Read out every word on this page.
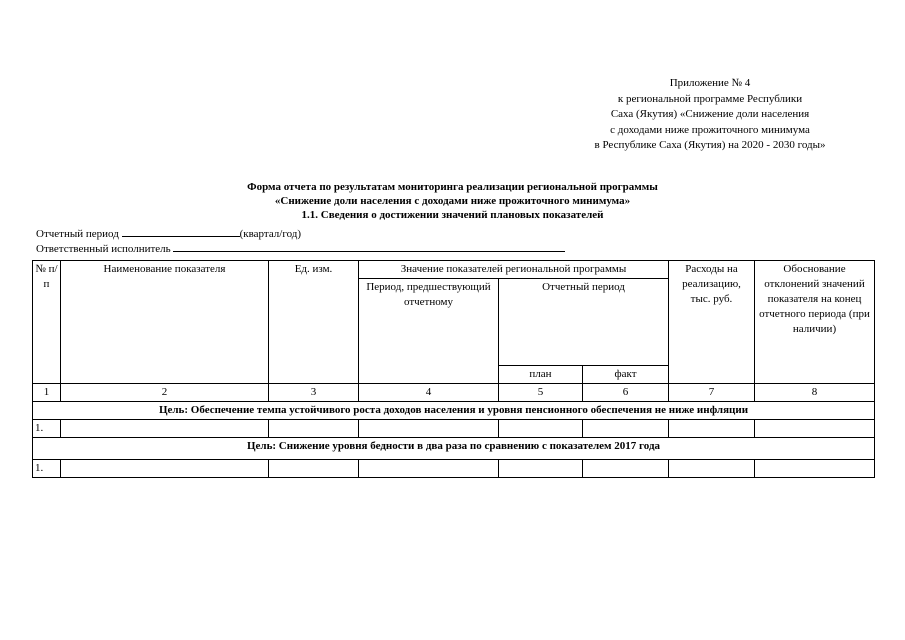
Приложение № 4
к региональной программе Республики
Саха (Якутия) «Снижение доли населения
с доходами ниже прожиточного минимума
в Республике Саха (Якутия) на 2020 - 2030 годы»
Форма отчета по результатам мониторинга реализации региональной программы
«Снижение доли населения с доходами ниже прожиточного минимума»
1.1. Сведения о достижении значений плановых показателей
Отчетный период	(квартал/год)
Ответственный исполнитель
№ п/п	Наименование показателя	Ед. изм.	Значение показателей региональной программы			Расходы на реализацию, тыс. руб.	Обоснование отклонений значений показателя на конец отчетного периода (при наличии)
			Период, предшествующий отчетному	Отчетный период			
				план	факт		
1	2	3	4	5	6	7	8
Цель: Обеспечение темпа устойчивого роста доходов населения и уровня пенсионного обеспечения не ниже инфляции							
1.							
Цель: Снижение уровня бедности в два раза по сравнению с показателем 2017 года							
1.							
